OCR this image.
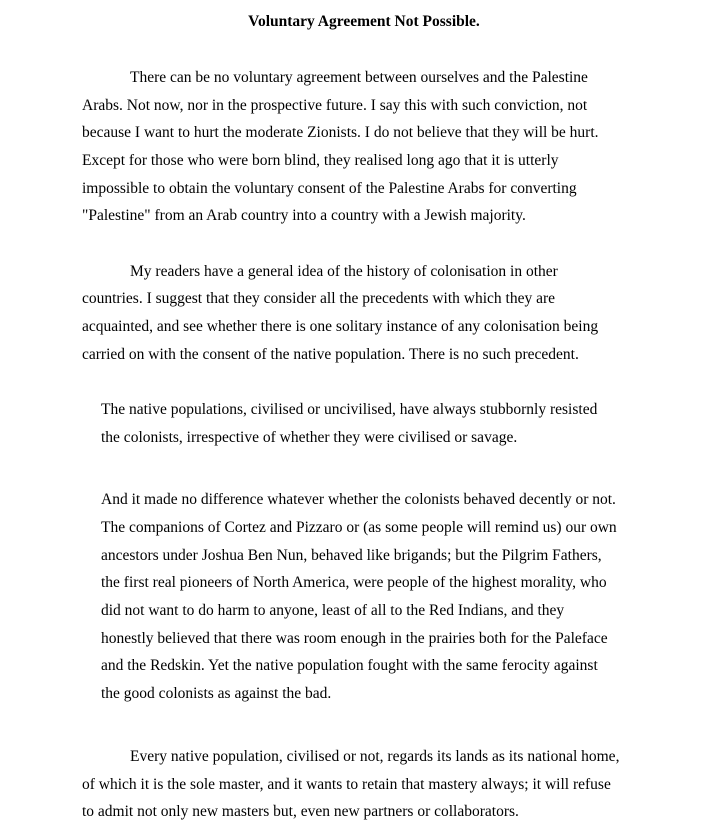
Voluntary Agreement Not Possible.
There can be no voluntary agreement between ourselves and the Palestine
Arabs. Not now, nor in the prospective future. I say this with such conviction, not
because I want to hurt the moderate Zionists. I do not believe that they will be hurt.
Except for those who were born blind, they realised long ago that it is utterly
impossible to obtain the voluntary consent of the Palestine Arabs for converting
"Palestine" from an Arab country into a country with a Jewish majority.
My readers have a general idea of the history of colonisation in other
countries. I suggest that they consider all the precedents with which they are
acquainted, and see whether there is one solitary instance of any colonisation being
carried on with the consent of the native population. There is no such precedent.
The native populations, civilised or uncivilised, have always stubbornly resisted
the colonists, irrespective of whether they were civilised or savage.
And it made no difference whatever whether the colonists behaved decently or not.
The companions of Cortez and Pizzaro or (as some people will remind us) our own
ancestors under Joshua Ben Nun, behaved like brigands; but the Pilgrim Fathers,
the first real pioneers of North America, were people of the highest morality, who
did not want to do harm to anyone, least of all to the Red Indians, and they
honestly believed that there was room enough in the prairies both for the Paleface
and the Redskin. Yet the native population fought with the same ferocity against
the good colonists as against the bad.
Every native population, civilised or not, regards its lands as its national home,
of which it is the sole master, and it wants to retain that mastery always; it will refuse
to admit not only new masters but, even new partners or collaborators.
